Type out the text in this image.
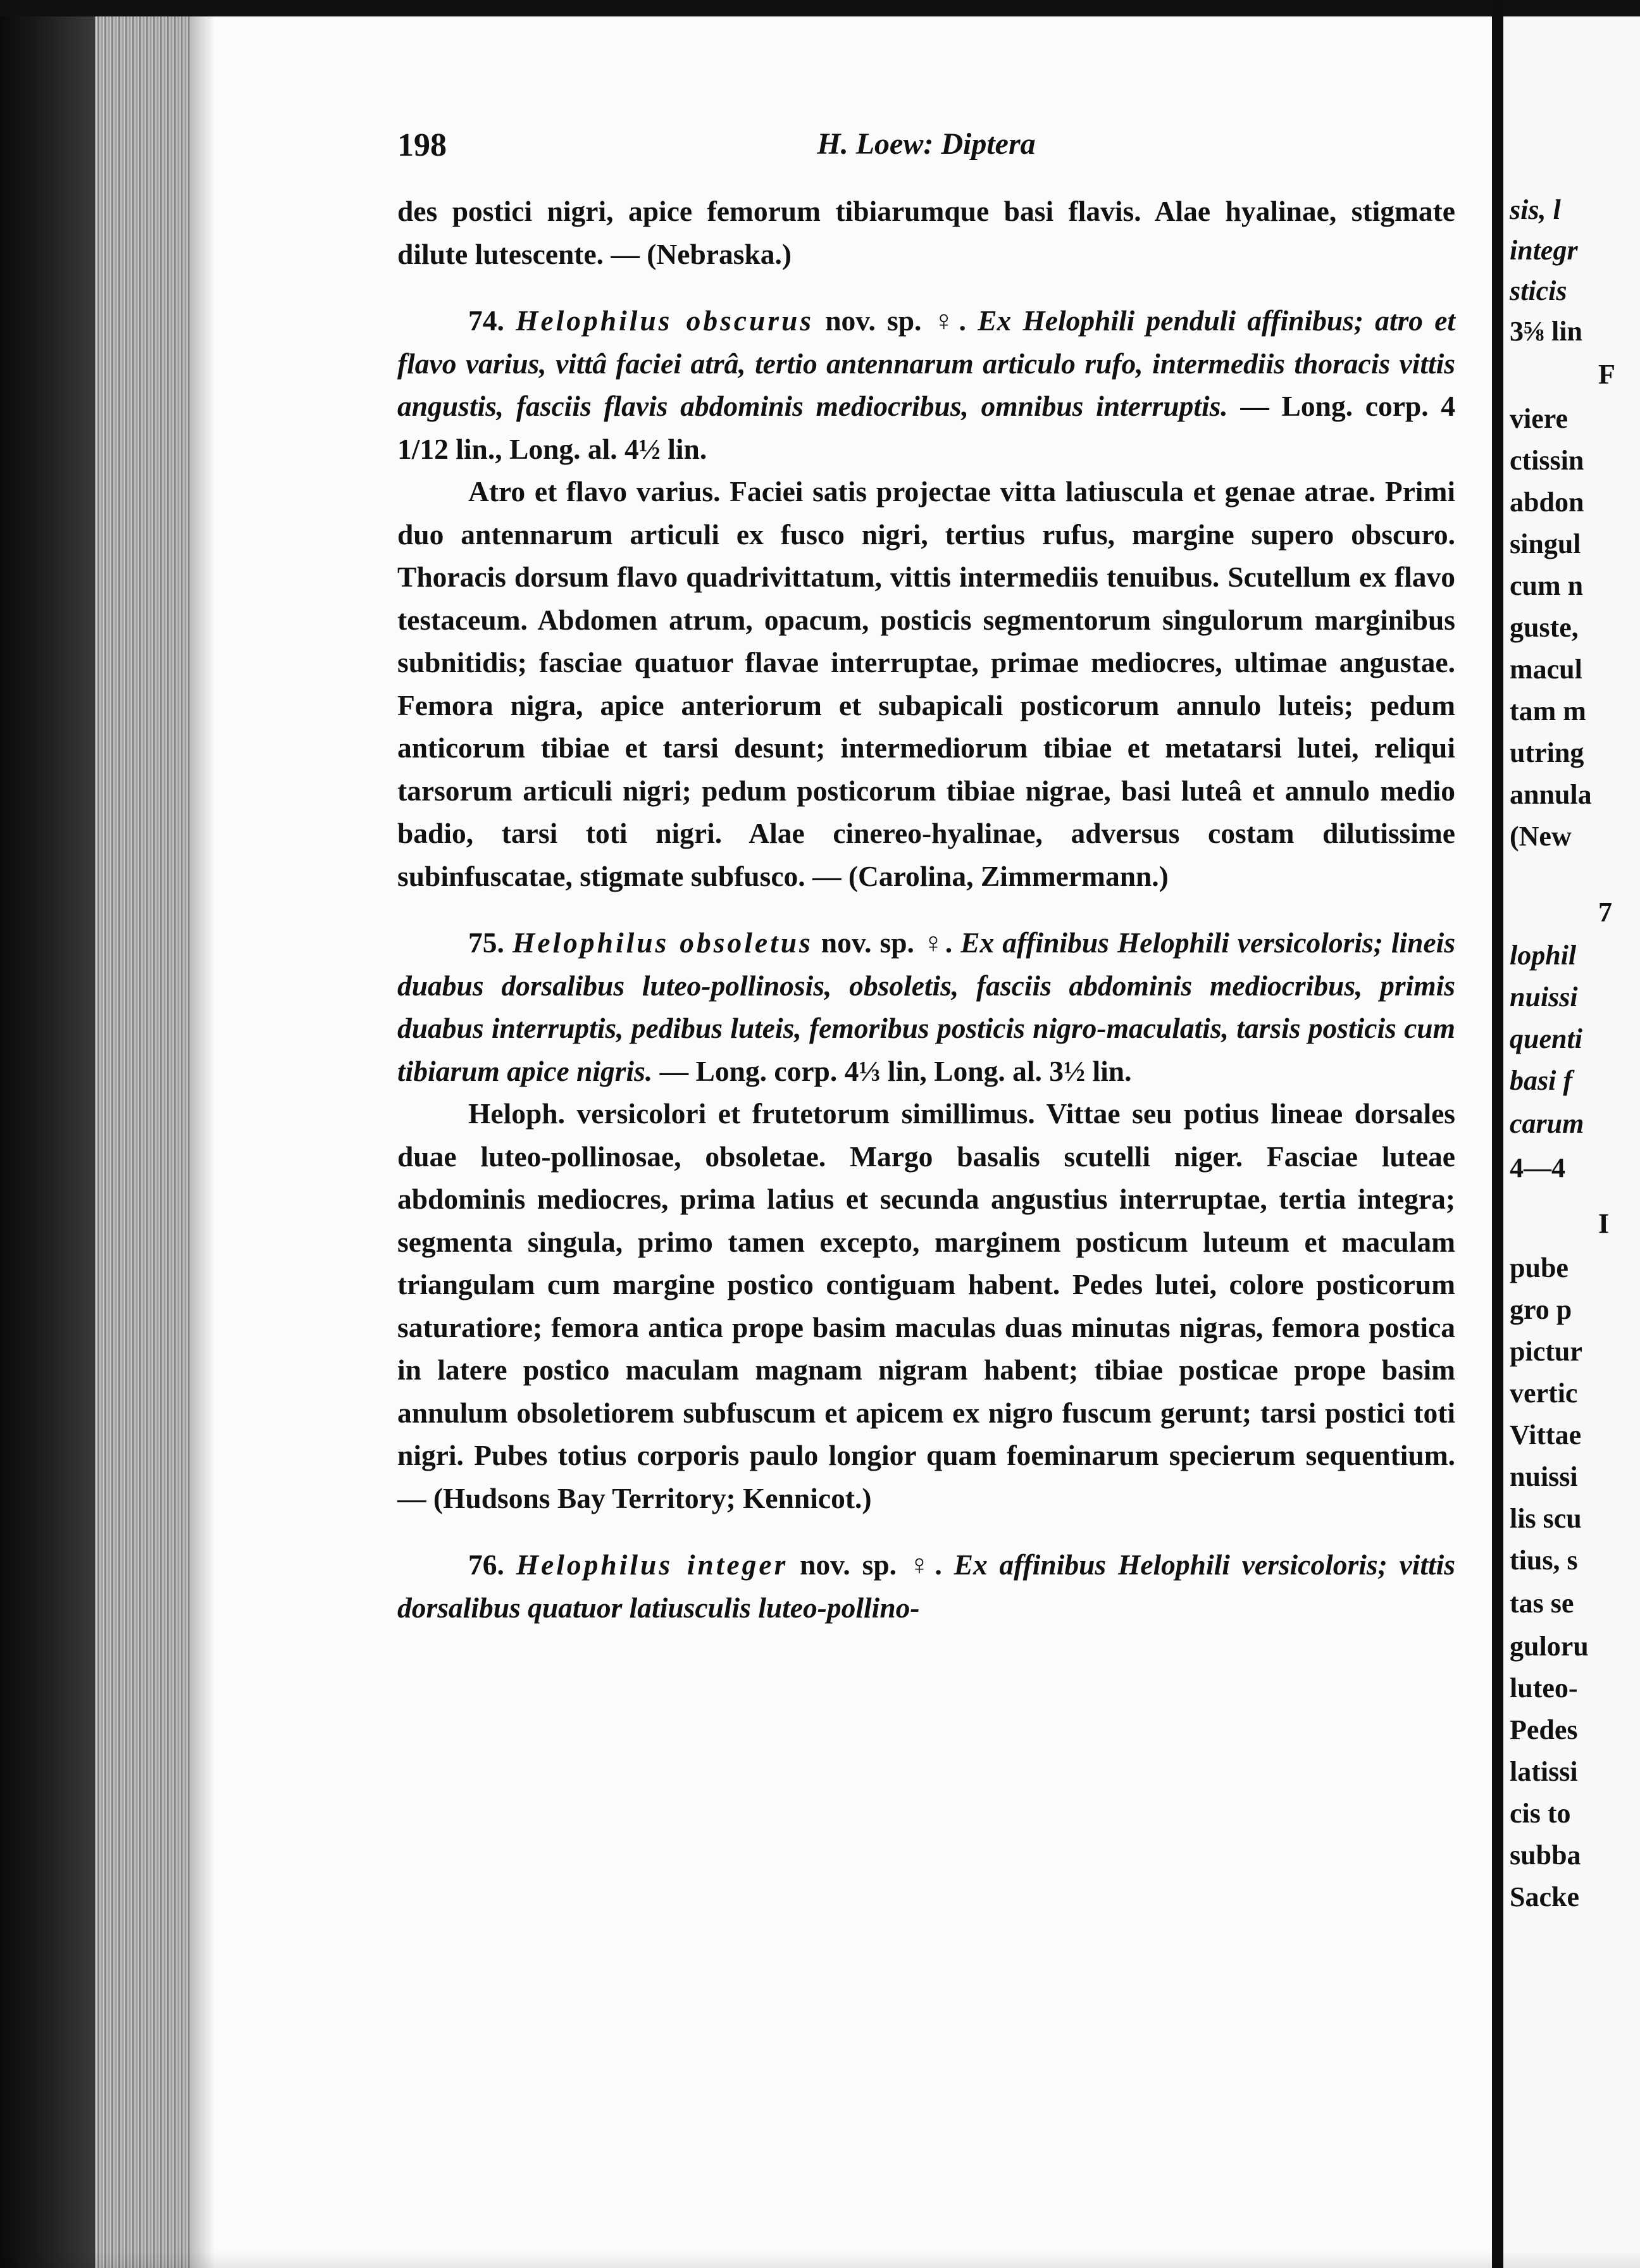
198	H. Loew: Diptera

des postici nigri, apice femorum tibiarumque basi flavis. Alae hyalinae, stigmate dilute lutescente. — (Nebraska.)

74. Helophilus obscurus nov. sp. ♀. Ex Helophili penduli affinibus; atro et flavo varius, vittâ faciei atrâ, tertio antennarum articulo rufo, intermediis thoracis vittis angustis, fasciis flavis abdominis mediocribus, omnibus interruptis. — Long. corp. 4 1/12 lin., Long. al. 4½ lin.

Atro et flavo varius. Faciei satis projectae vitta latiuscula et genae atrae. Primi duo antennarum articuli ex fusco nigri, tertius rufus, margine supero obscuro. Thoracis dorsum flavo quadrivittatum, vittis intermediis tenuibus. Scutellum ex flavo testaceum. Abdomen atrum, opacum, posticis segmentorum singulorum marginibus subnitidis; fasciae quatuor flavae interruptae, primae mediocres, ultimae angustae. Femora nigra, apice anteriorum et subapicali posticorum annulo luteis; pedum anticorum tibiae et tarsi desunt; intermediorum tibiae et metatarsi lutei, reliqui tarsorum articuli nigri; pedum posticorum tibiae nigrae, basi luteâ et annulo medio badio, tarsi toti nigri. Alae cinereo-hyalinae, adversus costam dilutissime subinfuscatae, stigmate subfusco. — (Carolina, Zimmermann.)

75. Helophilus obsoletus nov. sp. ♀. Ex affinibus Helophili versicoloris; lineis duabus dorsalibus luteo-pollinosis, obsoletis, fasciis abdominis mediocribus, primis duabus interruptis, pedibus luteis, femoribus posticis nigro-maculatis, tarsis posticis cum tibiarum apice nigris. — Long. corp. 4⅓ lin, Long. al. 3½ lin.

Heloph. versicolori et frutetorum simillimus. Vittae seu potius lineae dorsales duae luteo-pollinosae, obsoletae. Margo basalis scutelli niger. Fasciae luteae abdominis mediocres, prima latius et secunda angustius interruptae, tertia integra; segmenta singula, primo tamen excepto, marginem posticum luteum et maculam triangulam cum margine postico contiguam habent. Pedes lutei, colore posticorum saturatiore; femora antica prope basim maculas duas minutas nigras, femora postica in latere postico maculam magnam nigram habent; tibiae posticae prope basim annulum obsoletiorem subfuscum et apicem ex nigro fuscum gerunt; tarsi postici toti nigri. Pubes totius corporis paulo longior quam foeminarum specierum sequentium. — (Hudsons Bay Territory; Kennicot.)

76. Helophilus integer nov. sp. ♀. Ex affinibus Helophili versicoloris; vittis dorsalibus quatuor latiusculis luteo-pollino-

sis, l
integr
sticis
3⅝ lin
F
viere
ctissin
abdon
singul
cum n
guste,
macul
tam m
utring
annula
(New
7
lophil
nuissi
quenti
basi f
carum
4—4
I
pube
gro p
pictur
vertic
Vittae
nuissi
lis scu
tius, s
tas se
guloru
luteo-
Pedes
latissi
cis to
subba
Sacke
